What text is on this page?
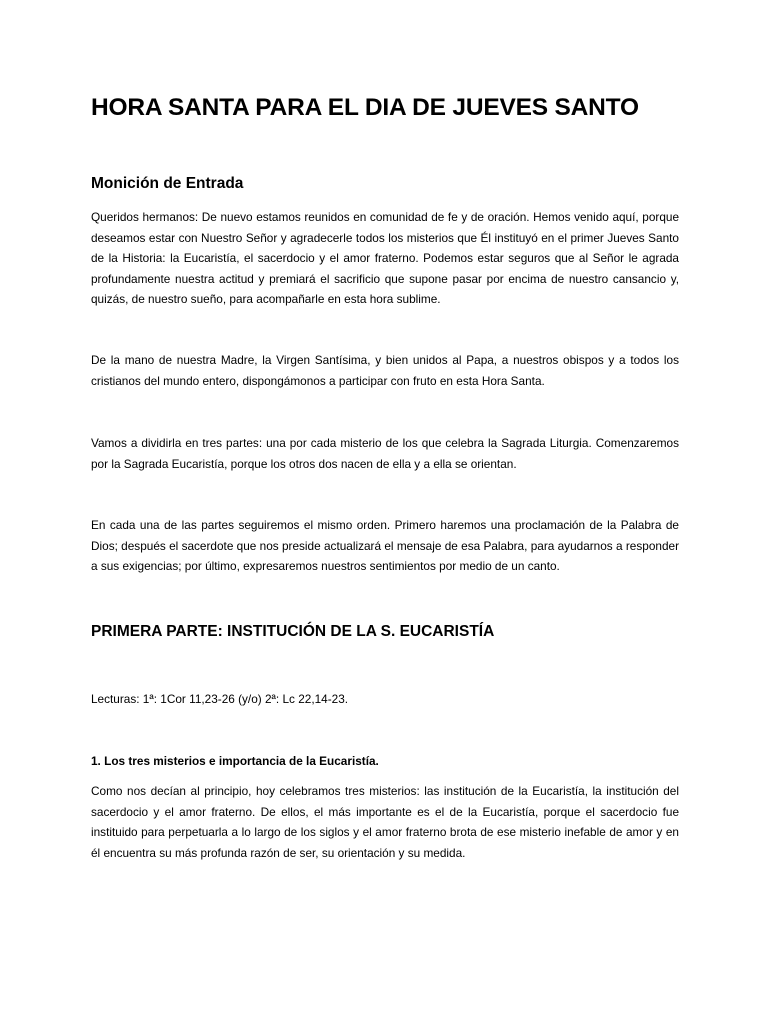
HORA SANTA PARA EL DIA DE JUEVES SANTO
Monición de Entrada

Queridos hermanos: De nuevo estamos reunidos en comunidad de fe y de oración. Hemos venido aquí, porque deseamos estar con Nuestro Señor y agradecerle todos los misterios que Él instituyó en el primer Jueves Santo de la Historia: la Eucaristía, el sacerdocio y el amor fraterno. Podemos estar seguros que al Señor le agrada profundamente nuestra actitud y premiará el sacrificio que supone pasar por encima de nuestro cansancio y, quizás, de nuestro sueño, para acompañarle en esta hora sublime.

De la mano de nuestra Madre, la Virgen Santísima, y bien unidos al Papa, a nuestros obispos y a todos los cristianos del mundo entero, dispongámonos a participar con fruto en esta Hora Santa.

Vamos a dividirla en tres partes: una por cada misterio de los que celebra la Sagrada Liturgia. Comenzaremos por la Sagrada Eucaristía, porque los otros dos nacen de ella y a ella se orientan.

En cada una de las partes seguiremos el mismo orden. Primero haremos una proclamación de la Palabra de Dios; después el sacerdote que nos preside actualizará el mensaje de esa Palabra, para ayudarnos a responder a sus exigencias; por último, expresaremos nuestros sentimientos por medio de un canto.

PRIMERA PARTE: INSTITUCIÓN DE LA S. EUCARISTÍA

Lecturas: 1ª: 1Cor 11,23-26 (y/o) 2ª: Lc 22,14-23.

1. Los tres misterios e importancia de la Eucaristía.

Como nos decían al principio, hoy celebramos tres misterios: las institución de la Eucaristía, la institución del sacerdocio y el amor fraterno. De ellos, el más importante es el de la Eucaristía, porque el sacerdocio fue instituido para perpetuarla a lo largo de los siglos y el amor fraterno brota de ese misterio inefable de amor y en él encuentra su más profunda razón de ser, su orientación y su medida.
